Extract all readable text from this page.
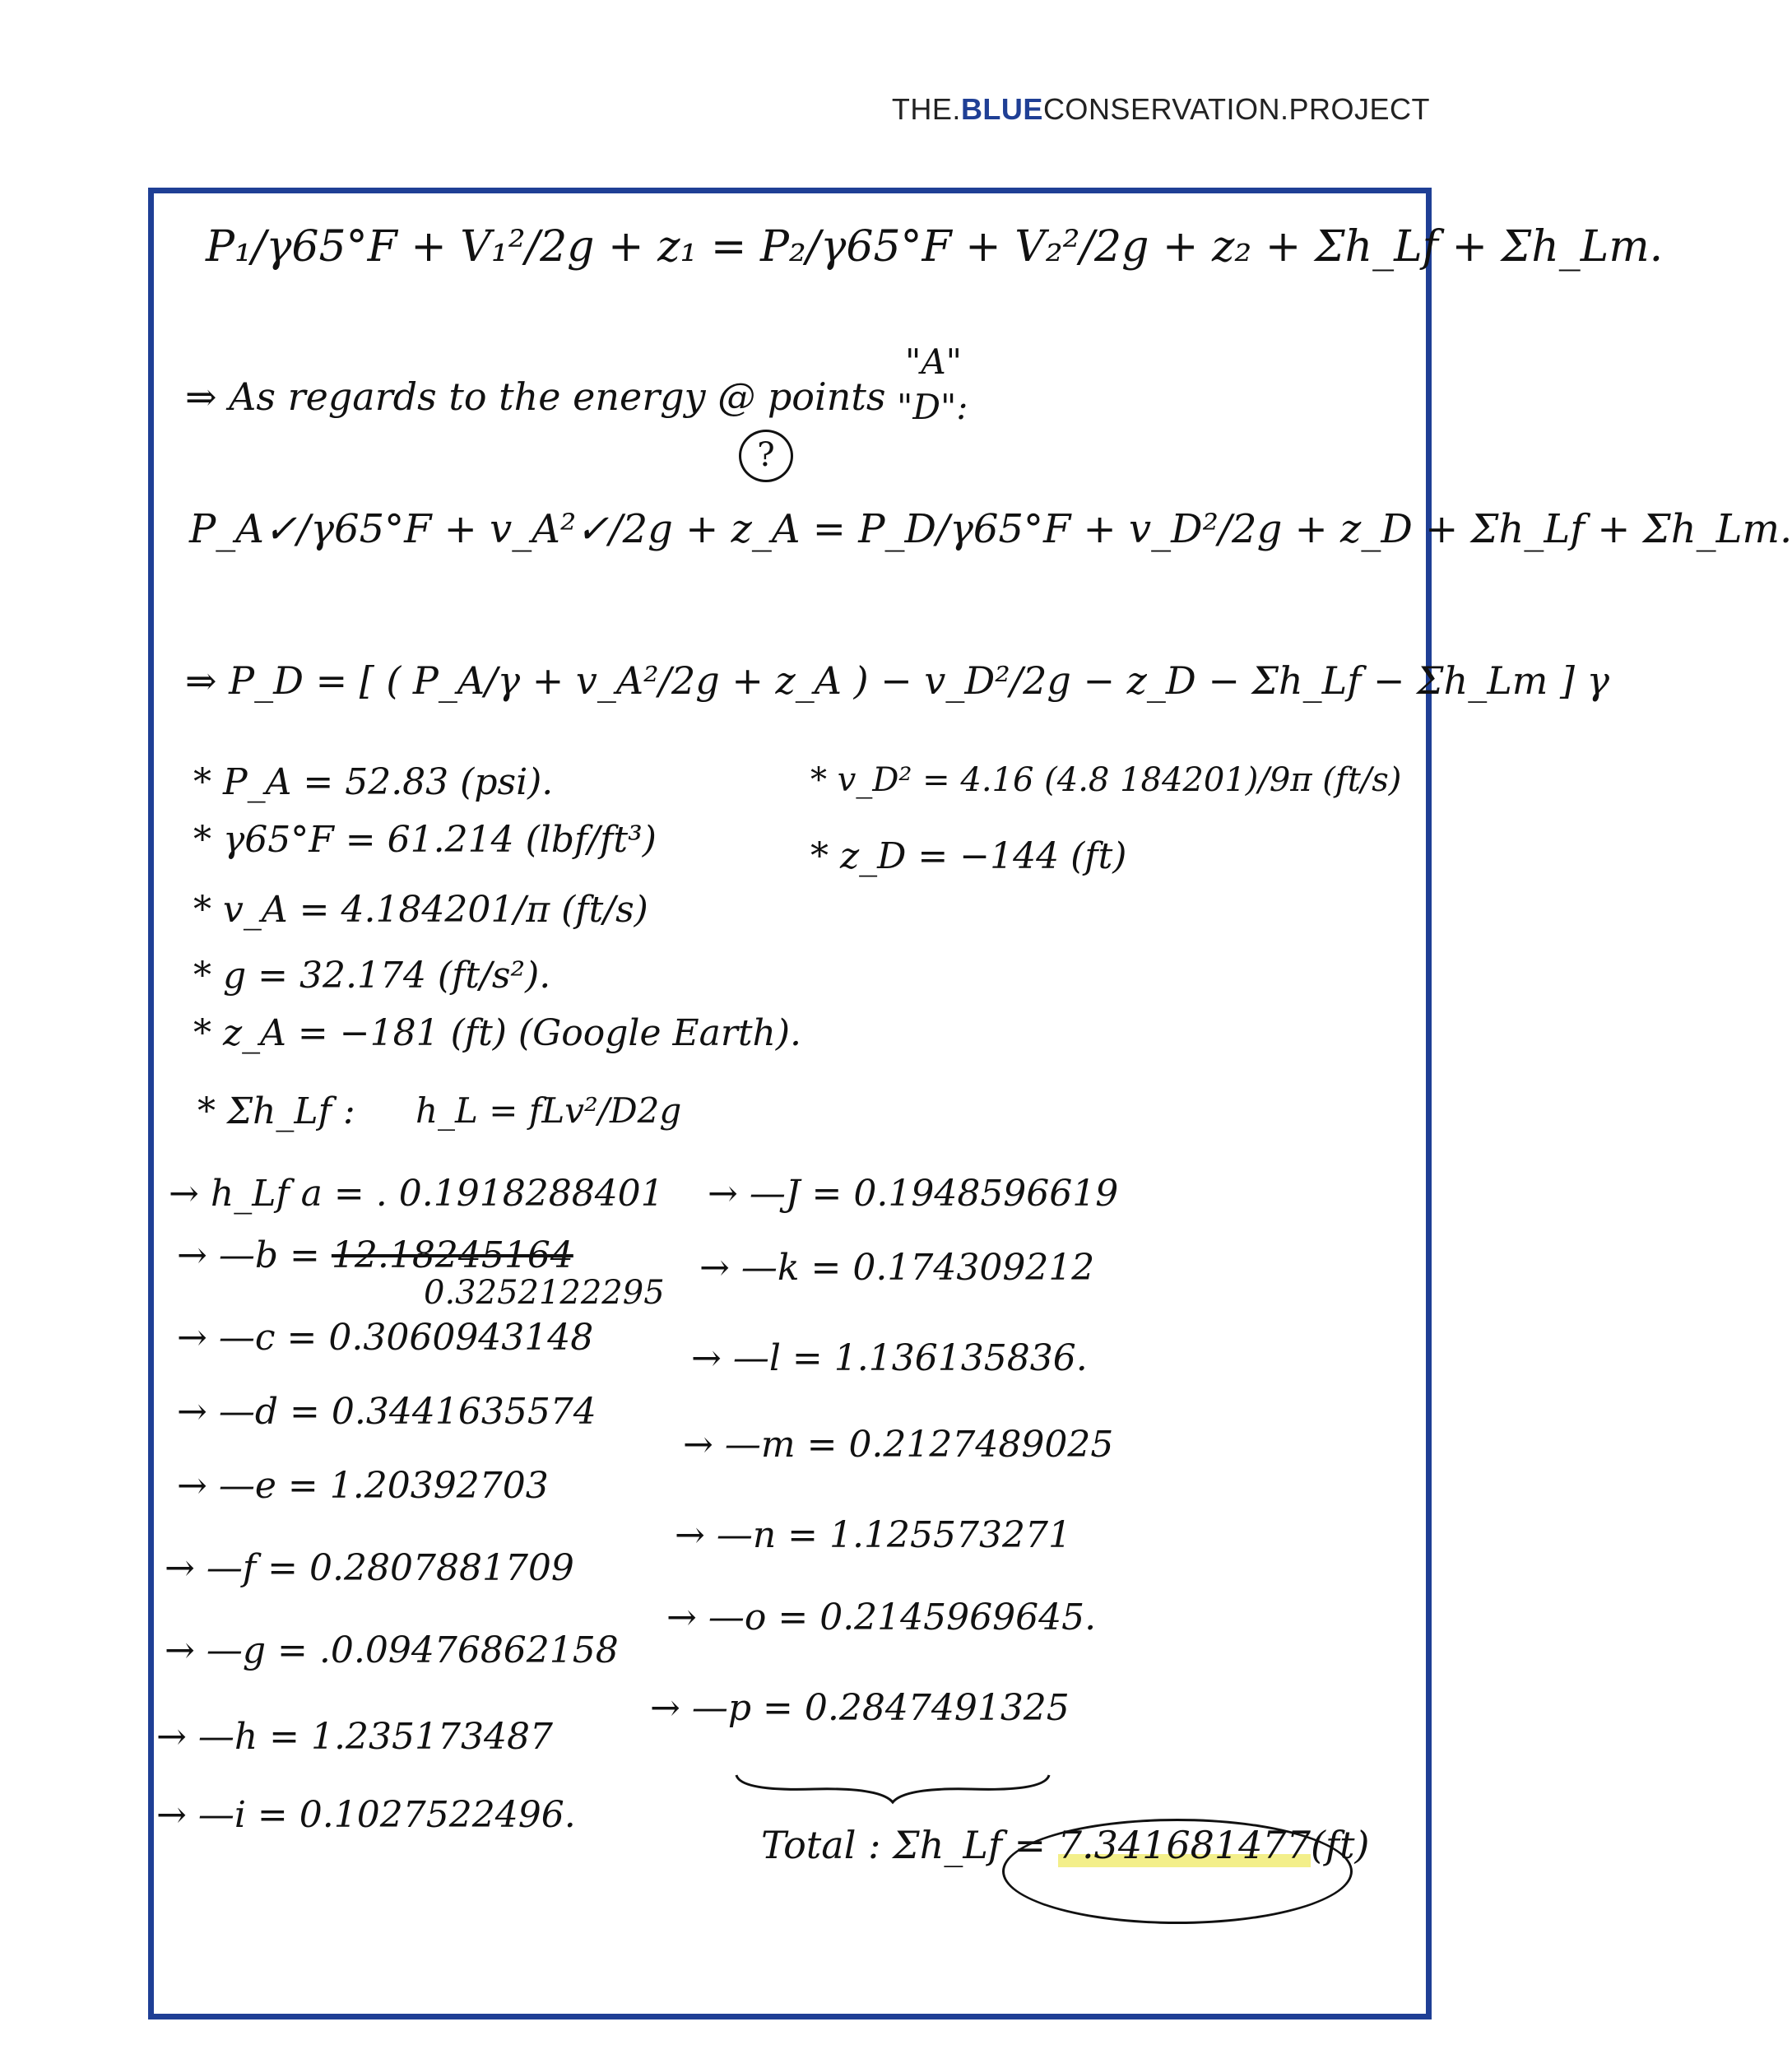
THE.BLUECONSERVATION.PROJECT
P₁/γ65°F + V₁²/2g + z₁ = P₂/γ65°F + V₂²/2g + z₂ + Σh_Lf + Σh_Lm.
⇒ As regards to the energy @ points
"A"
"D":
?
P_A✓/γ65°F + v_A²✓/2g + z_A = P_D/γ65°F + v_D²/2g + z_D + Σh_Lf + Σh_Lm.
⇒ P_D = [ ( P_A/γ + v_A²/2g + z_A ) − v_D²/2g − z_D − Σh_Lf − Σh_Lm ] γ
* P_A = 52.83 (psi).
* γ65°F = 61.214 (lbf/ft³)
* v_A = 4.184201/π (ft/s)
* g = 32.174 (ft/s²).
* z_A = −181 (ft) (Google Earth).
* v_D² = 4.16 (4.8 184201)/9π (ft/s)
* z_D = −144 (ft)
* Σh_Lf : h_L = fLv²/D2g
→ h_Lf a = . 0.1918288401
→ —b = 12.18245164
0.3252122295
→ —c = 0.3060943148
→ —d = 0.3441635574
→ —e = 1.20392703
→ —f = 0.2807881709
→ —g = .0.09476862158
→ —h = 1.235173487
→ —i = 0.1027522496.
→ —J = 0.1948596619
→ —k = 0.174309212
→ —l = 1.136135836.
→ —m = 0.2127489025
→ —n = 1.125573271
→ —o = 0.2145969645.
→ —p = 0.2847491325
Total : Σh_Lf = 7.341681477(ft)
